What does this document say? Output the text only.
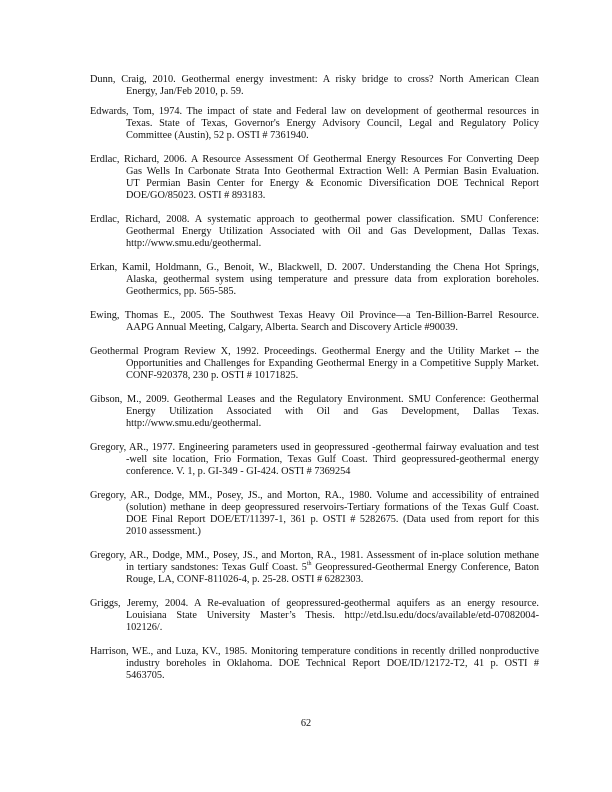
Dunn, Craig, 2010. Geothermal energy investment: A risky bridge to cross? North American Clean
Energy, Jan/Feb 2010, p. 59.
Edwards, Tom, 1974. The impact of state and Federal law on development of geothermal resources in
Texas. State of Texas, Governor's Energy Advisory Council, Legal and Regulatory Policy
Committee (Austin), 52 p. OSTI # 7361940.
Erdlac, Richard, 2006. A Resource Assessment Of Geothermal Energy Resources For Converting Deep
Gas Wells In Carbonate Strata Into Geothermal Extraction Well: A Permian Basin Evaluation.
UT Permian Basin Center for Energy & Economic Diversification DOE Technical Report
DOE/GO/85023. OSTI # 893183.
Erdlac, Richard, 2008. A systematic approach to geothermal power classification. SMU Conference:
Geothermal Energy Utilization Associated with Oil and Gas Development, Dallas Texas.
http://www.smu.edu/geothermal.
Erkan, Kamil, Holdmann, G., Benoit, W., Blackwell, D. 2007. Understanding the Chena Hot Springs,
Alaska, geothermal system using temperature and pressure data from exploration boreholes.
Geothermics, pp. 565-585.
Ewing, Thomas E., 2005. The Southwest Texas Heavy Oil Province—a Ten-Billion-Barrel Resource.
AAPG Annual Meeting, Calgary, Alberta. Search and Discovery Article #90039.
Geothermal Program Review X, 1992. Proceedings. Geothermal Energy and the Utility Market -- the
Opportunities and Challenges for Expanding Geothermal Energy in a Competitive Supply Market.
CONF-920378, 230 p. OSTI # 10171825.
Gibson, M., 2009. Geothermal Leases and the Regulatory Environment. SMU Conference: Geothermal
Energy Utilization Associated with Oil and Gas Development, Dallas Texas.
http://www.smu.edu/geothermal.
Gregory, AR., 1977. Engineering parameters used in geopressured -geothermal fairway evaluation and test
-well site location, Frio Formation, Texas Gulf Coast. Third geopressured-geothermal energy
conference. V. 1, p. GI-349 - GI-424. OSTI # 7369254
Gregory, AR., Dodge, MM., Posey, JS., and Morton, RA., 1980. Volume and accessibility of entrained
(solution) methane in deep geopressured reservoirs-Tertiary formations of the Texas Gulf Coast.
DOE Final Report DOE/ET/11397-1, 361 p. OSTI # 5282675. (Data used from report for this
2010 assessment.)
Gregory, AR., Dodge, MM., Posey, JS., and Morton, RA., 1981. Assessment of in-place solution methane
in tertiary sandstones: Texas Gulf Coast. 5th Geopressured-Geothermal Energy Conference, Baton
Rouge, LA, CONF-811026-4, p. 25-28. OSTI # 6282303.
Griggs, Jeremy, 2004. A Re-evaluation of geopressured-geothermal aquifers as an energy resource.
Louisiana State University Master’s Thesis. http://etd.lsu.edu/docs/available/etd-07082004-
102126/.
Harrison, WE., and Luza, KV., 1985. Monitoring temperature conditions in recently drilled nonproductive
industry boreholes in Oklahoma. DOE Technical Report DOE/ID/12172-T2, 41 p. OSTI #
5463705.
62
